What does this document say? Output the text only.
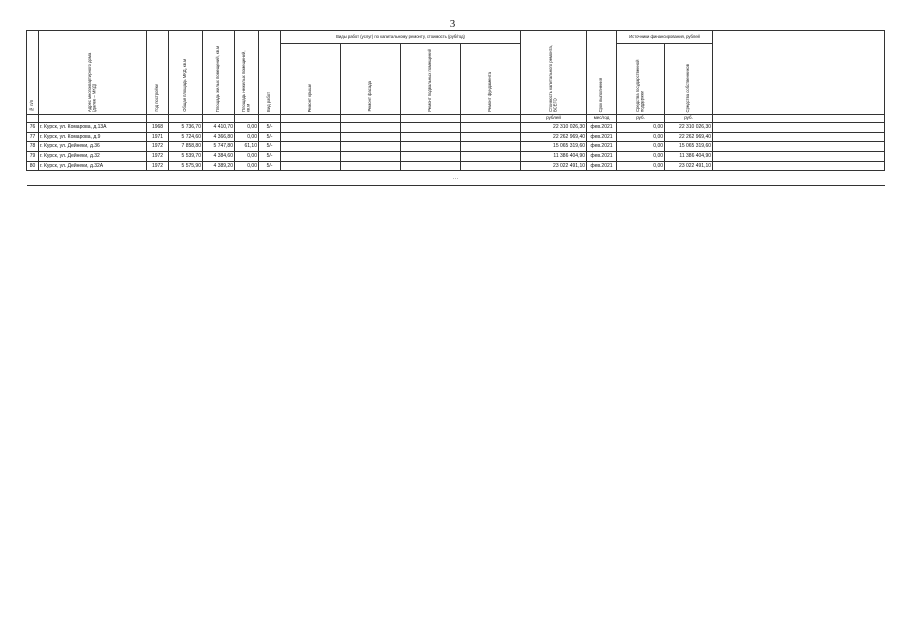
3
№ п/п	Адрес многоквартирного дома (далее – МКД)	Год постройки	Общая площадь МКД, кв.м	Площадь жилых помещений, кв.м	Площадь нежилых помещений, кв.м	Вид работ	Виды работ (услуг) по капитальному ремонту, стоимость (руб/год)				Стоимость капитального ремонта, ВСЕГО	Срок выполнения	Источники финансирования, рублей		
							Ремонт крыши	Ремонт фасада	Ремонт подвальных помещений	Ремонт фундамента			Средства государственной поддержки	Средства собственников	
											рублей	мес/год	руб.	руб.	
76	г. Курск, ул. Комарова, д.13А	1968	5 736,70	4 410,70	0,00	5/-					22 310 026,30	фев.2021	0,00	22 310 026,30	
77	г. Курск, ул. Комарова, д.9	1971	5 724,60	4 366,80	0,00	5/-					22 262 969,40	фев.2021	0,00	22 262 969,40	
78	г. Курск, ул. Дейнеки, д.36	1972	7 858,80	5 747,80	61,10	5/-					15 065 319,60	фев.2021	0,00	15 065 319,60	
79	г. Курск, ул. Дейнеки, д.32	1972	5 539,70	4 384,60	0,00	5/-					11 386 404,90	фев.2021	0,00	11 386 404,90	
80	г. Курск, ул. Дейнеки, д.32А	1972	5 575,90	4 389,20	0,00	5/-					23 022 491,10	фев.2021	0,00	23 022 491,10	
…															
